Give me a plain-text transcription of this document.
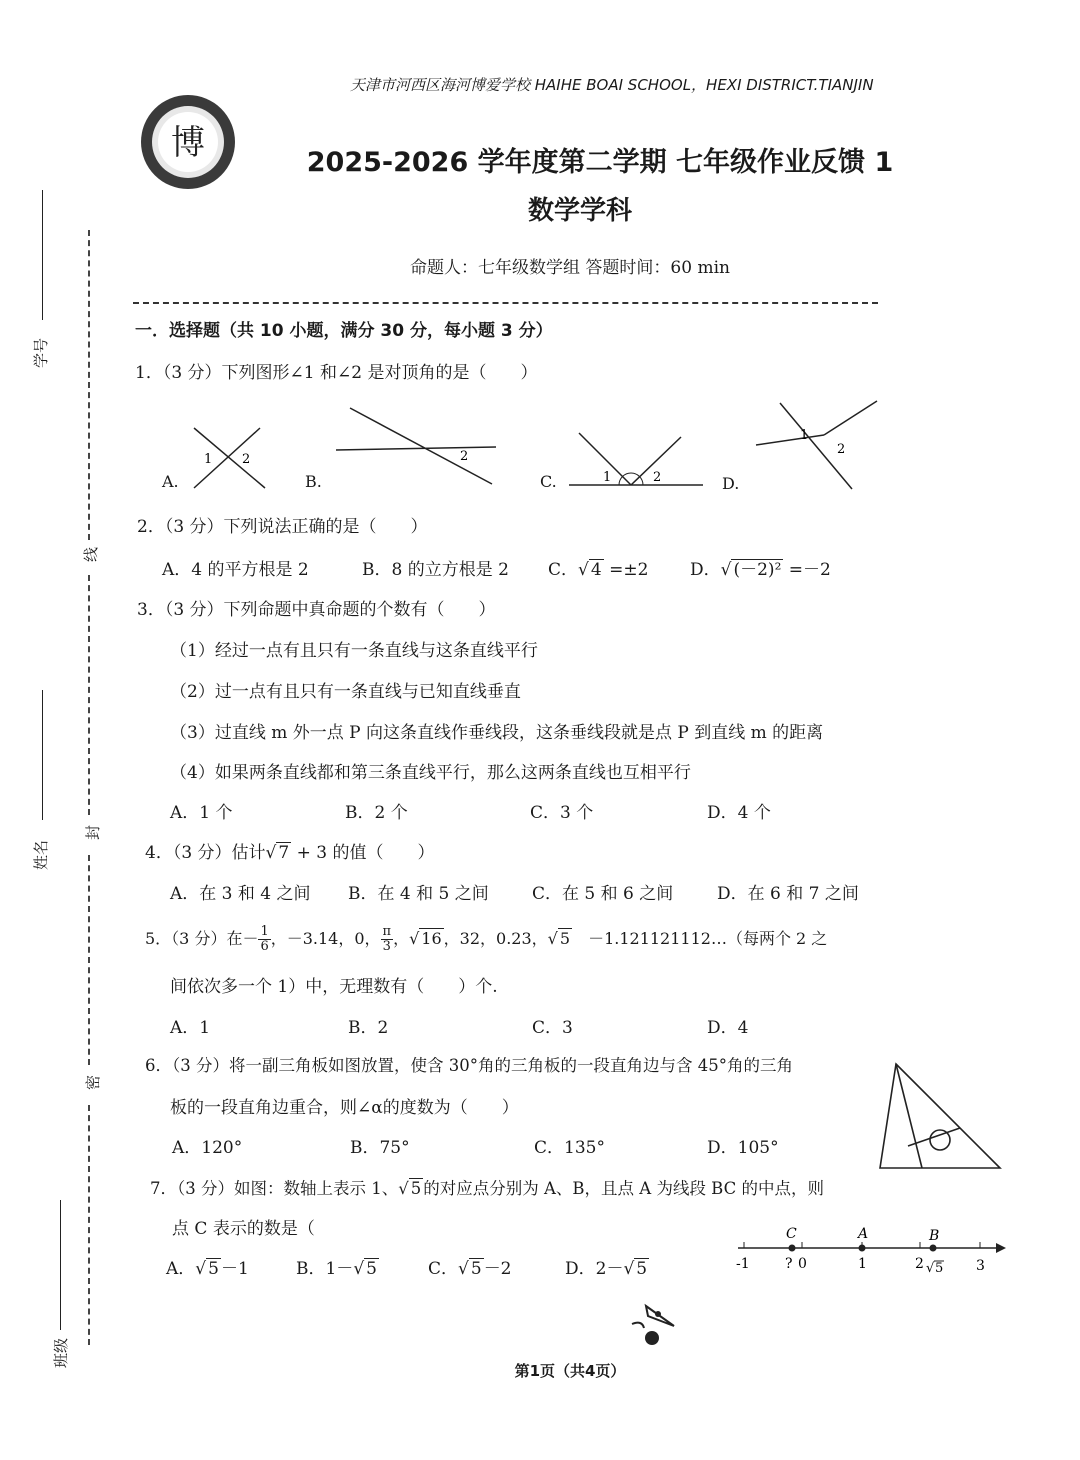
天津市河西区海河博爱学校 HAIHE BOAI SCHOOL，HEXI DISTRICT.TIANJIN
博	2025-2026 学年度第二学期 七年级作业反馈 1
数学学科
命题人：七年级数学组 答题时间：60 min
学号
姓名
班级
线
封
密
一．选择题（共 10 小题，满分 30 分，每小题 3 分）
1．（3 分）下列图形∠1 和∠2 是对顶角的是（　　）
A.	B.	C.	D.
1 2	2
1	2
1
2
2．（3 分）下列说法正确的是（　　）
A．4 的平方根是 2	B．8 的立方根是 2 C．√ 4 =±2 D．√ (－2)² =－2
3．（3 分）下列命题中真命题的个数有（　　）
（1）经过一点有且只有一条直线与这条直线平行
（2）过一点有且只有一条直线与已知直线垂直
（3）过直线 m 外一点 P 向这条直线作垂线段，这条垂线段就是点 P 到直线 m 的距离
（4）如果两条直线都和第三条直线平行，那么这两条直线也互相平行
A．1 个	B．2 个	C．3 个	D．4 个
4．（3 分）估计√ 7 + 3 的值（　　）
A．在 3 和 4 之间 B．在 4 和 5 之间	C．在 5 和 6 之间	D．在 6 和 7 之间
5．（3 分）在－ $\frac{1}{6}$ ，－3.14，0， $\frac{\pi}{3}$ ，√ 16 ，32，0.23，√ 5　 －1.121121112…（每两个 2 之
间依次多一个 1）中，无理数有（　　）个.
A．1	B．2	C．3	D．4
6．（3 分）将一副三角板如图放置，使含 30°角的三角板的一段直角边与含 45°角的三角
板的一段直角边重合，则∠α的度数为（　　）
A．120°	B．75°	C．135°	D．105°
7．（3 分）如图：数轴上表示 1、√ 5 的对应点分别为 A、B，且点 A 为线段 BC 的中点，则
点 C 表示的数是（
A．√ 5 －1	B．1－√ 5	C．√ 5 －2	D．2－√ 5
C	A	B
-1	? 0	1	2 √ 5 3
第1页（共4页）
